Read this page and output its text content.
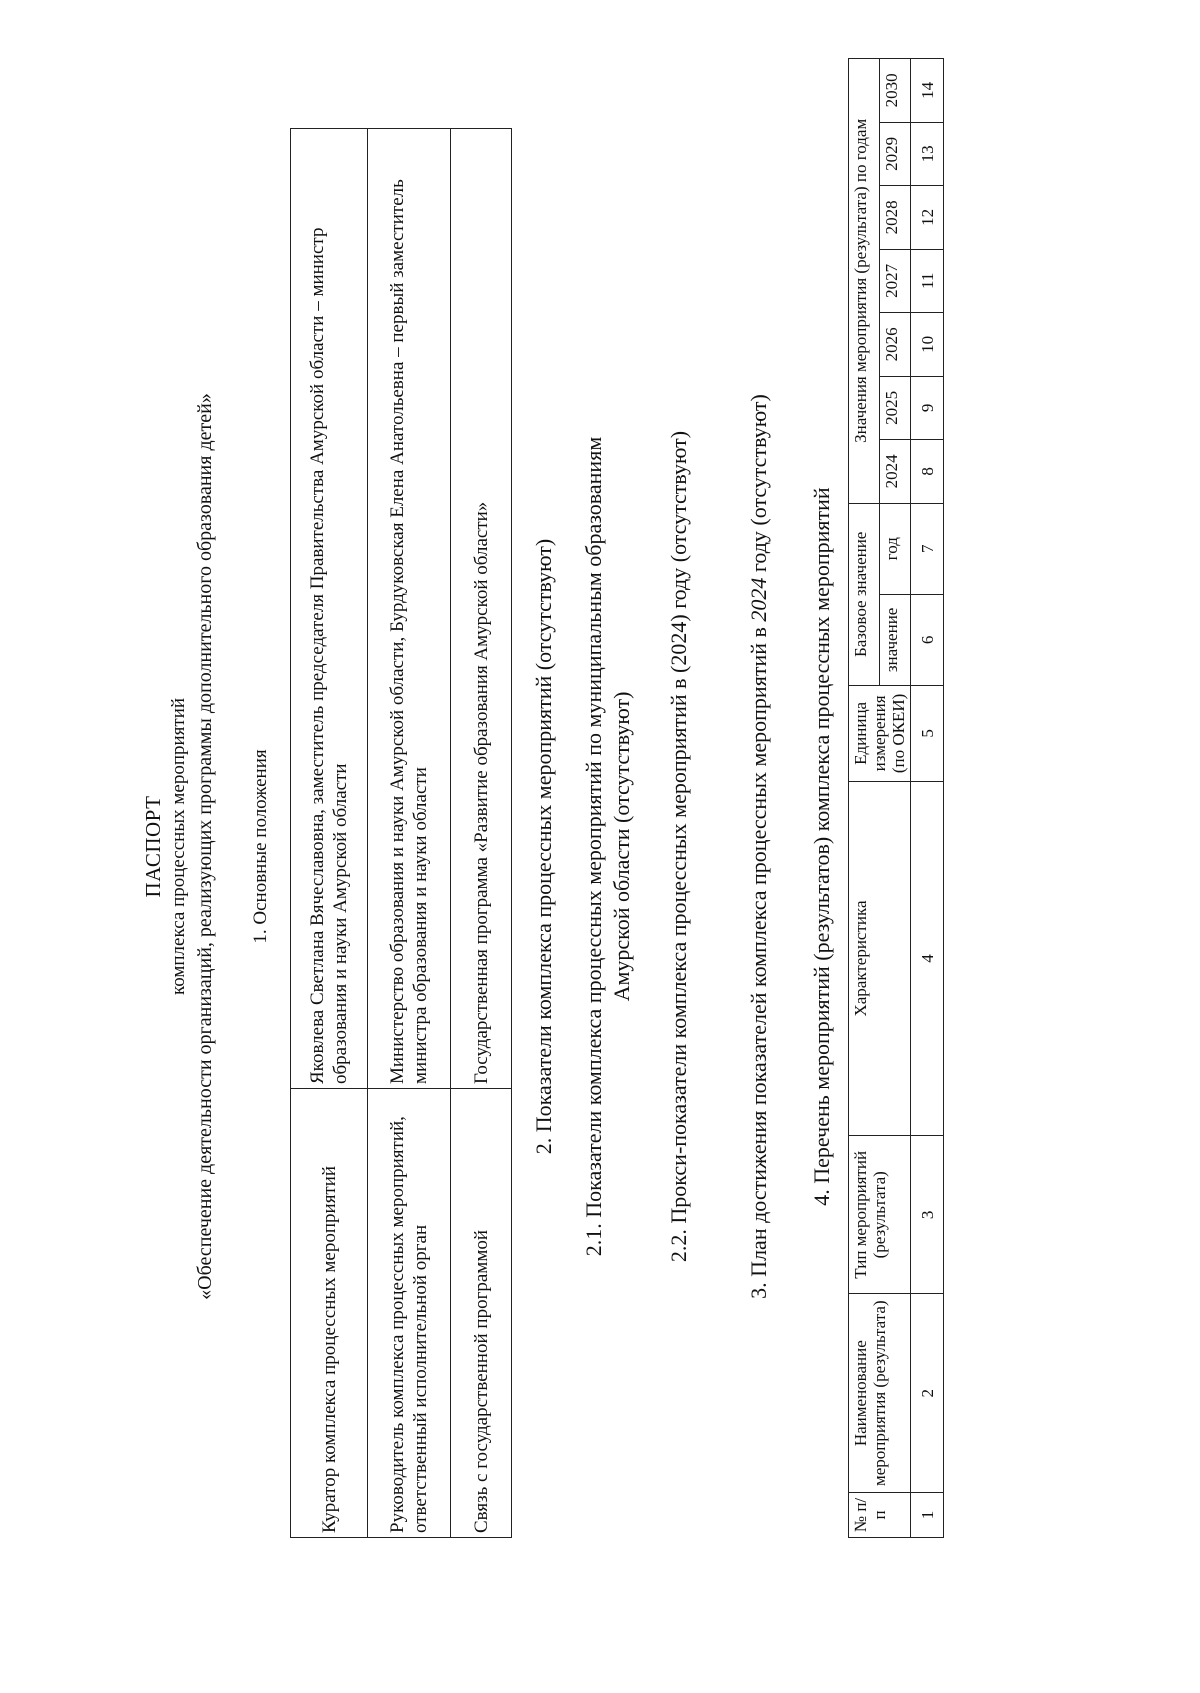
ПАСПОРТ комплекса процессных мероприятий «Обеспечение деятельности организаций, реализующих программы дополнительного образования детей» 1. Основные положения
Куратор комплекса процессных мероприятий	Яковлева Светлана Вячеславовна, заместитель председателя Правительства Амурской области – министр образования и науки Амурской области
Руководитель комплекса процессных мероприятий, ответственный исполнительной орган	Министерство образования и науки Амурской области, Бурдуковская Елена Анатольевна – первый заместитель министра образования и науки области
Связь с государственной программой	Государственная программа «Развитие образования Амурской области» 2. Показатели комплекса процессных мероприятий (отсутствуют) 2.1. Показатели комплекса процессных мероприятий по муниципальным образованиям Амурской области (отсутствуют) 2.2. Прокси-показатели комплекса процессных мероприятий в (2024) году (отсутствуют)	3. План достижения показателей комплекса процессных мероприятий в 2024 году (отсутствуют)
4. Перечень мероприятий (результатов) комплекса процессных мероприятий
№ п/п	Наименование мероприятия (результата)	Тип мероприятий (результата)	Характеристика	Единица измерения (по ОКЕИ)	Базовое значение		Значения мероприятия (результата) по годам						
					значение	год	2024	2025	2026	2027	2028	2029	2030
1	2	3	4	5	6	7	8	9	10	11	12	13	14
